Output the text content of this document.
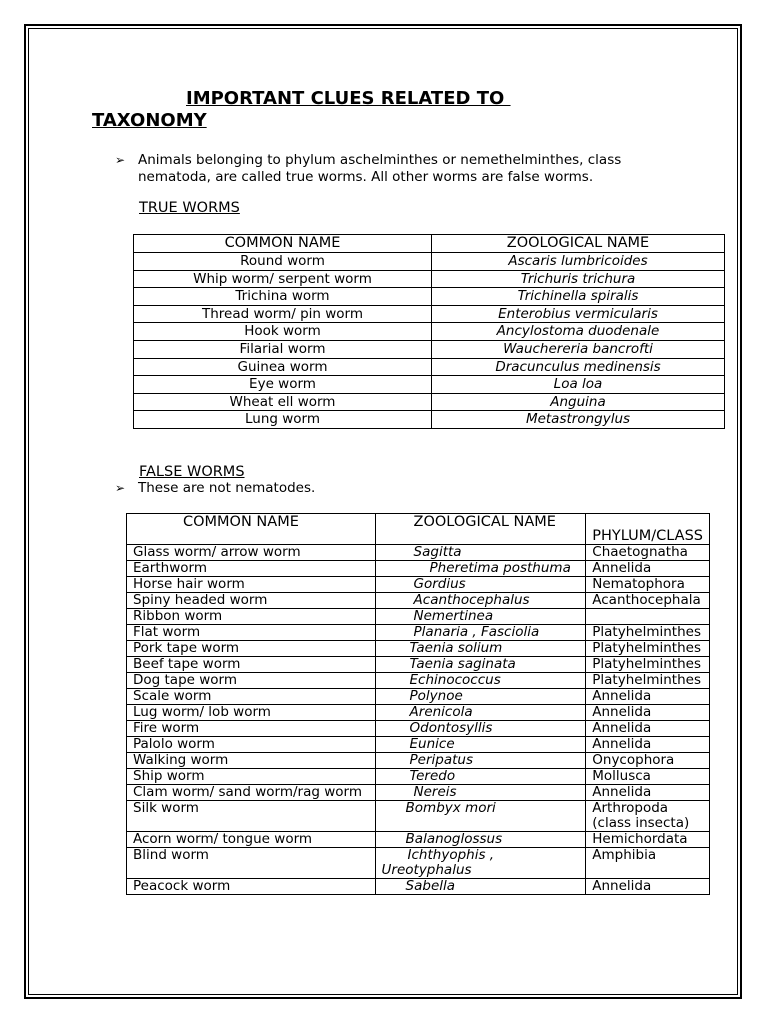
IMPORTANT CLUES RELATED TO
TAXONOMY
➢ Animals belonging to phylum aschelminthes or nemethelminthes, class
nematoda, are called true worms. All other worms are false worms.
TRUE WORMS
COMMON NAME	ZOOLOGICAL NAME
Round worm	Ascaris lumbricoides
Whip worm/ serpent worm	Trichuris trichura
Trichina worm	Trichinella spiralis
Thread worm/ pin worm	Enterobius vermicularis
Hook worm	Ancylostoma duodenale
Filarial worm	Wauchereria bancrofti
Guinea worm	Dracunculus medinensis
Eye worm	Loa loa
Wheat ell worm	Anguina
Lung worm	Metastrongylus
FALSE WORMS
➢ These are not nematodes.
COMMON NAME	ZOOLOGICAL NAME	PHYLUM/CLASS
Glass worm/ arrow worm	Sagitta	Chaetognatha
Earthworm	Pheretima posthuma	Annelida
Horse hair worm	Gordius	Nematophora
Spiny headed worm	Acanthocephalus	Acanthocephala
Ribbon worm	Nemertinea	
Flat worm	Planaria , Fasciolia	Platyhelminthes
Pork tape worm	Taenia solium	Platyhelminthes
Beef tape worm	Taenia saginata	Platyhelminthes
Dog tape worm	Echinococcus	Platyhelminthes
Scale worm	Polynoe	Annelida
Lug worm/ lob worm	Arenicola	Annelida
Fire worm	Odontosyllis	Annelida
Palolo worm	Eunice	Annelida
Walking worm	Peripatus	Onycophora
Ship worm	Teredo	Mollusca
Clam worm/ sand worm/rag worm	Nereis	Annelida
Silk worm	Bombyx mori	Arthropoda (class insecta)
Acorn worm/ tongue worm	Balanoglossus	Hemichordata
Blind worm	Ichthyophis , Ureotyphalus	Amphibia
Peacock worm	Sabella	Annelida
